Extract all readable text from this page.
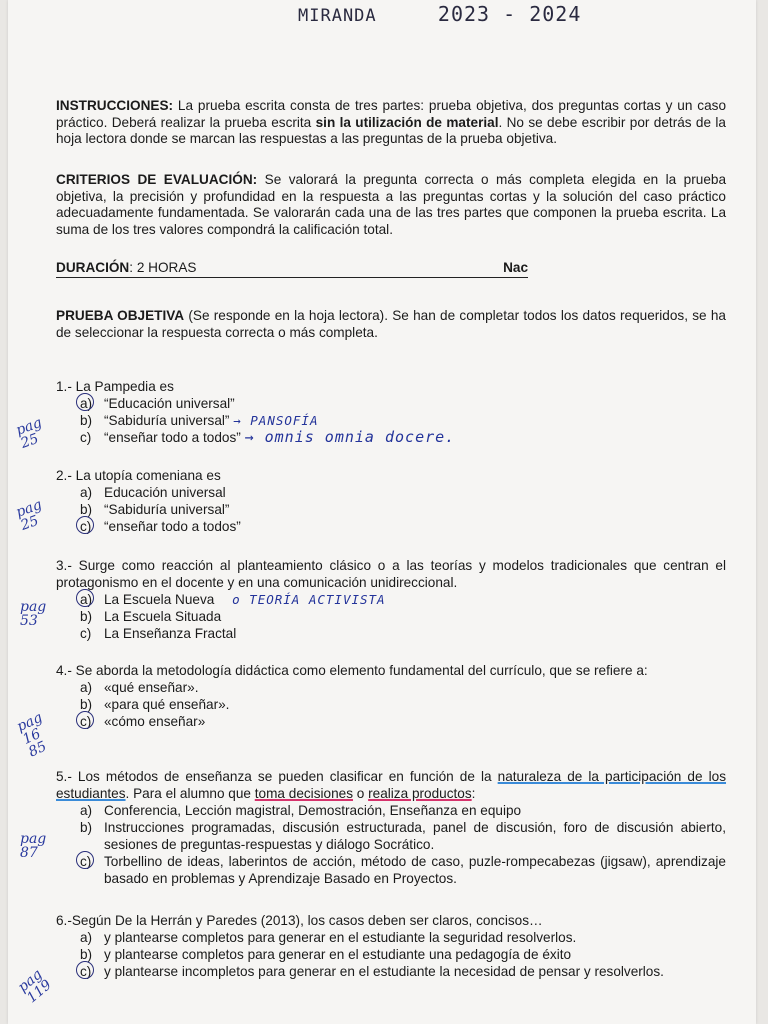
MIRANDA	2023 - 2024
INSTRUCCIONES: La prueba escrita consta de tres partes: prueba objetiva, dos preguntas cortas y un caso práctico. Deberá realizar la prueba escrita sin la utilización de material. No se debe escribir por detrás de la hoja lectora donde se marcan las respuestas a las preguntas de la prueba objetiva.
CRITERIOS DE EVALUACIÓN: Se valorará la pregunta correcta o más completa elegida en la prueba objetiva, la precisión y profundidad en la respuesta a las preguntas cortas y la solución del caso práctico adecuadamente fundamentada. Se valorarán cada una de las tres partes que componen la prueba escrita. La suma de los tres valores compondrá la calificación total.
DURACIÓN: 2 HORAS	Nac
PRUEBA OBJETIVA (Se responde en la hoja lectora). Se han de completar todos los datos requeridos, se ha de seleccionar la respuesta correcta o más completa.
1.- La Pampedia es
a) “Educación universal”
b) “Sabiduría universal” → PANSOFÍA
c) “enseñar todo a todos” → omnis omnia docere.
pag 25
2.- La utopía comeniana es
a) Educación universal
b) “Sabiduría universal”
c) “enseñar todo a todos”
pag 25
3.- Surge como reacción al planteamiento clásico o a las teorías y modelos tradicionales que centran el protagonismo en el docente y en una comunicación unidireccional.
a) La Escuela Nueva o TEORÍA ACTIVISTA
b) La Escuela Situada
c) La Enseñanza Fractal
pag 53
4.- Se aborda la metodología didáctica como elemento fundamental del currículo, que se refiere a:
a) «qué enseñar».
b) «para qué enseñar».
c) «cómo enseñar»
pag 16 85
5.- Los métodos de enseñanza se pueden clasificar en función de la naturaleza de la participación de los estudiantes. Para el alumno que toma decisiones o realiza productos:
a) Conferencia, Lección magistral, Demostración, Enseñanza en equipo
b) Instrucciones programadas, discusión estructurada, panel de discusión, foro de discusión abierto, sesiones de preguntas-respuestas y diálogo Socrático.
c) Torbellino de ideas, laberintos de acción, método de caso, puzle-rompecabezas (jigsaw), aprendizaje basado en problemas y Aprendizaje Basado en Proyectos.
pag 87
6.-Según De la Herrán y Paredes (2013), los casos deben ser claros, concisos…
a) y plantearse completos para generar en el estudiante la seguridad resolverlos.
b) y plantearse completos para generar en el estudiante una pedagogía de éxito
c) y plantearse incompletos para generar en el estudiante la necesidad de pensar y resolverlos.
pag 119
